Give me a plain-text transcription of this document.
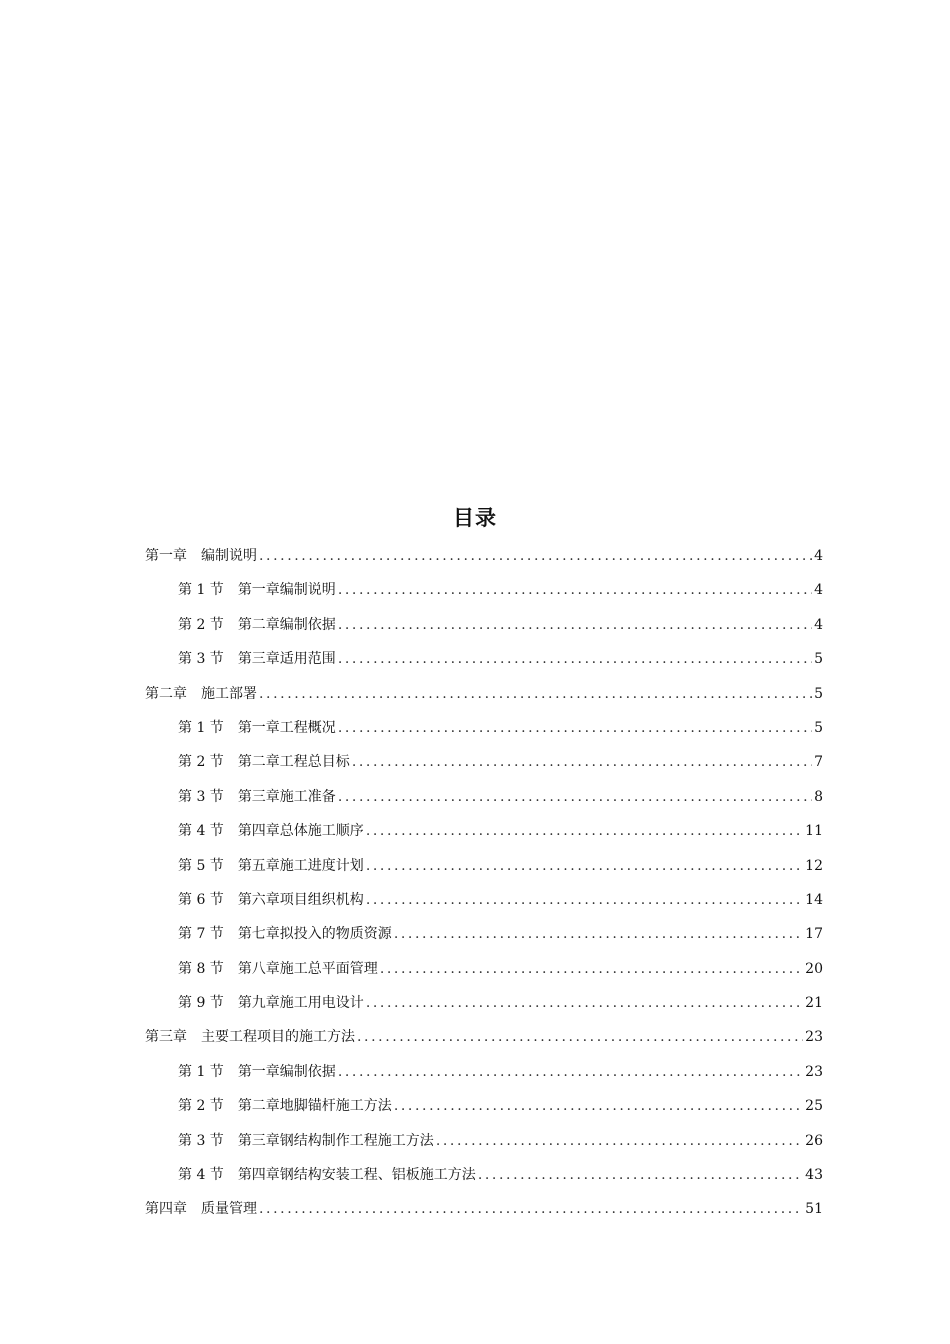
目录
第一章 编制说明 .....	4
第 1 节 第一章编制说明 .....	4
第 2 节 第二章编制依据 .....	4
第 3 节 第三章适用范围 .....	5
第二章 施工部署 .....	5
第 1 节 第一章工程概况 .....	5
第 2 节 第二章工程总目标 .....	7
第 3 节 第三章施工准备 .....	8
第 4 节 第四章总体施工顺序 .....	11
第 5 节 第五章施工进度计划 .....	12
第 6 节 第六章项目组织机构 .....	14
第 7 节 第七章拟投入的物质资源 .....	17
第 8 节 第八章施工总平面管理 .....	20
第 9 节 第九章施工用电设计 .....	21
第三章 主要工程项目的施工方法 .....	23
第 1 节 第一章编制依据 .....	23
第 2 节 第二章地脚锚杆施工方法 .....	25
第 3 节 第三章钢结构制作工程施工方法 .....	26
第 4 节 第四章钢结构安装工程、铝板施工方法 .....	43
第四章 质量管理 .....	51
